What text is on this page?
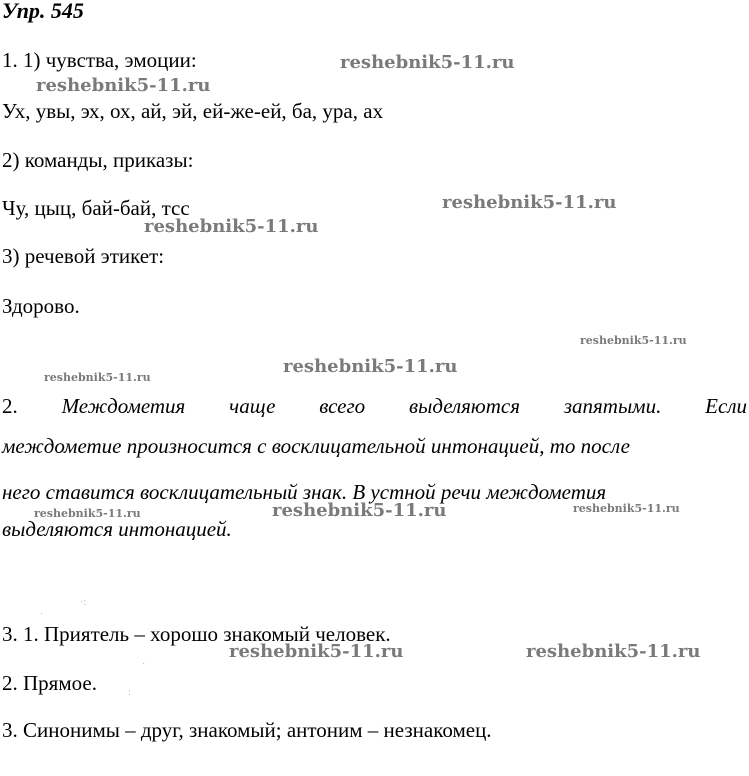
Упр. 545
1. 1) чувства, эмоции:
Ух, увы, эх, ох, ай, эй, ей-же-ей, ба, ура, ах
2) команды, приказы:
Чу, цыц, бай-бай, тсс
3) речевой этикет:
Здорово.
2. Междометия чаще всего выделяются запятыми. Если
междометие произносится с восклицательной интонацией, то после
него ставится восклицательный знак. В устной речи междометия
выделяются интонацией.
3. 1. Приятель – хорошо знакомый человек.
2. Прямое.
3. Синонимы – друг, знакомый; антоним – незнакомец.
reshebnik5-11.ru
reshebnik5-11.ru
reshebnik5-11.ru
reshebnik5-11.ru
reshebnik5-11.ru
reshebnik5-11.ru
reshebnik5-11.ru
reshebnik5-11.ru	reshebnik5-11.ru	reshebnik5-11.ru
reshebnik5-11.ru	reshebnik5-11.ru
·:
·
·
:
